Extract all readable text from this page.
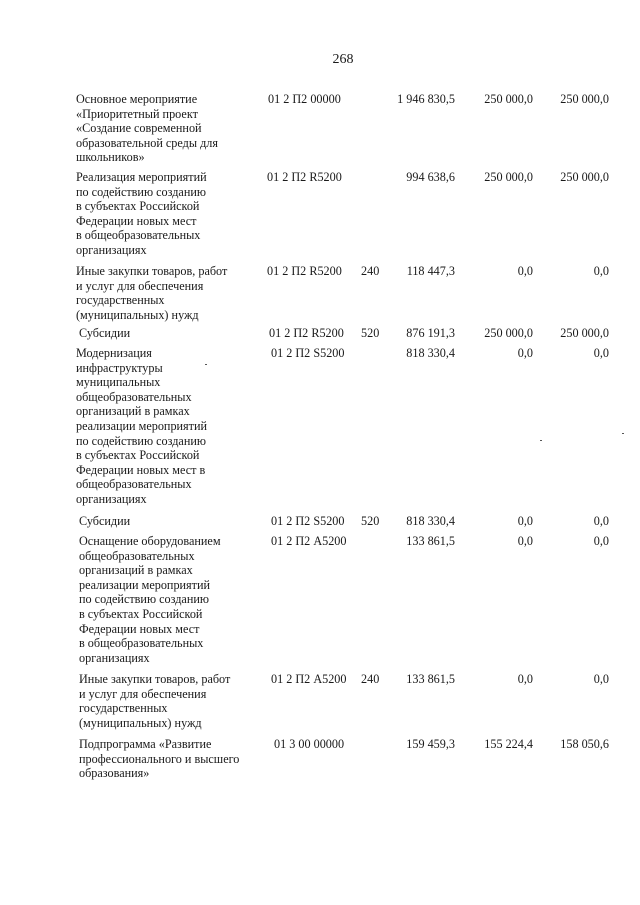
268
Основное мероприятие
«Приоритетный проект
«Создание современной
образовательной среды для
школьников»
01 2 П2 00000	1 946 830,5	250 000,0	250 000,0
Реализация мероприятий
по содействию созданию
в субъектах Российской
Федерации новых мест
в общеобразовательных
организациях
01 2 П2 R5200	994 638,6	250 000,0	250 000,0
Иные закупки товаров, работ
и услуг для обеспечения
государственных
(муниципальных) нужд
01 2 П2 R5200 240	118 447,3	0,0	0,0
Субсидии	01 2 П2 R5200 520	876 191,3	250 000,0	250 000,0
Модернизация
инфраструктуры
муниципальных
общеобразовательных
организаций в рамках
реализации мероприятий
по содействию созданию
в субъектах Российской
Федерации новых мест в
общеобразовательных
организациях
01 2 П2 S5200	818 330,4	0,0	0,0
Субсидии	01 2 П2 S5200 520	818 330,4	0,0	0,0
Оснащение оборудованием
общеобразовательных
организаций в рамках
реализации мероприятий
по содействию созданию
в субъектах Российской
Федерации новых мест
в общеобразовательных
организациях
01 2 П2 А5200	133 861,5	0,0	0,0
Иные закупки товаров, работ
и услуг для обеспечения
государственных
(муниципальных) нужд
01 2 П2 А5200 240	133 861,5	0,0	0,0
Подпрограмма «Развитие
профессионального и высшего
образования»
01 3 00 00000	159 459,3	155 224,4	158 050,6
